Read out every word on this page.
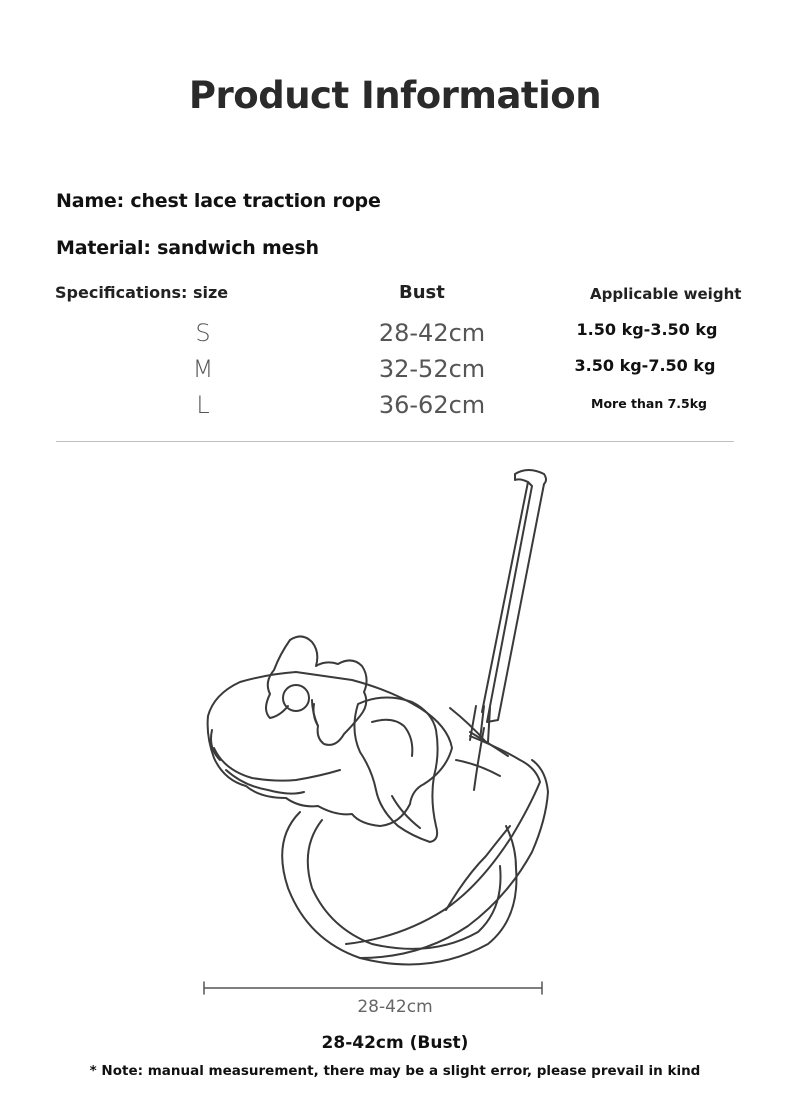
Product Information
Name: chest lace traction rope
Material: sandwich mesh
Specifications: size	Bust	Applicable weight
S	28-42cm	1.50 kg-3.50 kg
M	32-52cm	3.50 kg-7.50 kg
L	36-62cm	More than 7.5kg
28-42cm
28-42cm (Bust)
* Note: manual measurement, there may be a slight error, please prevail in kind
